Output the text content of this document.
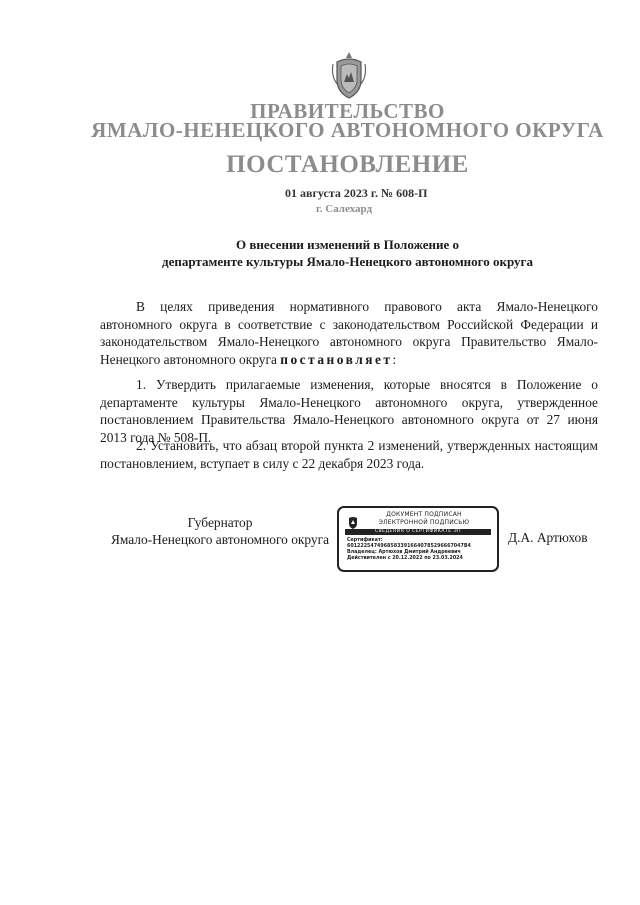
ПРАВИТЕЛЬСТВО
ЯМАЛО-НЕНЕЦКОГО АВТОНОМНОГО ОКРУГА
ПОСТАНОВЛЕНИЕ
01 августа 2023 г. № 608-П
г. Салехард
О внесении изменений в Положение о
департаменте культуры Ямало-Ненецкого автономного округа
В целях приведения нормативного правового акта Ямало-Ненецкого автономного округа в соответствие с законодательством Российской Федерации и законодательством Ямало-Ненецкого автономного округа Правительство Ямало-Ненецкого автономного округа постановляет:
1. Утвердить прилагаемые изменения, которые вносятся в Положение о департаменте культуры Ямало-Ненецкого автономного округа, утвержденное постановлением Правительства Ямало-Ненецкого автономного округа от 27 июня 2013 года № 508-П.
2. Установить, что абзац второй пункта 2 изменений, утвержденных настоящим постановлением, вступает в силу с 22 декабря 2023 года.
Губернатор
Ямало-Ненецкого автономного округа
ДОКУМЕНТ ПОДПИСАН
ЭЛЕКТРОННОЙ ПОДПИСЬЮ
СВЕДЕНИЯ О СЕРТИФИКАТЕ ЭП
Сертификат:
60122254749685833916640785296667047В4
Владелец: Артюхов Дмитрий Андреевич
Действителен с 20.12.2022 по 23.03.2024
Д.А. Артюхов
